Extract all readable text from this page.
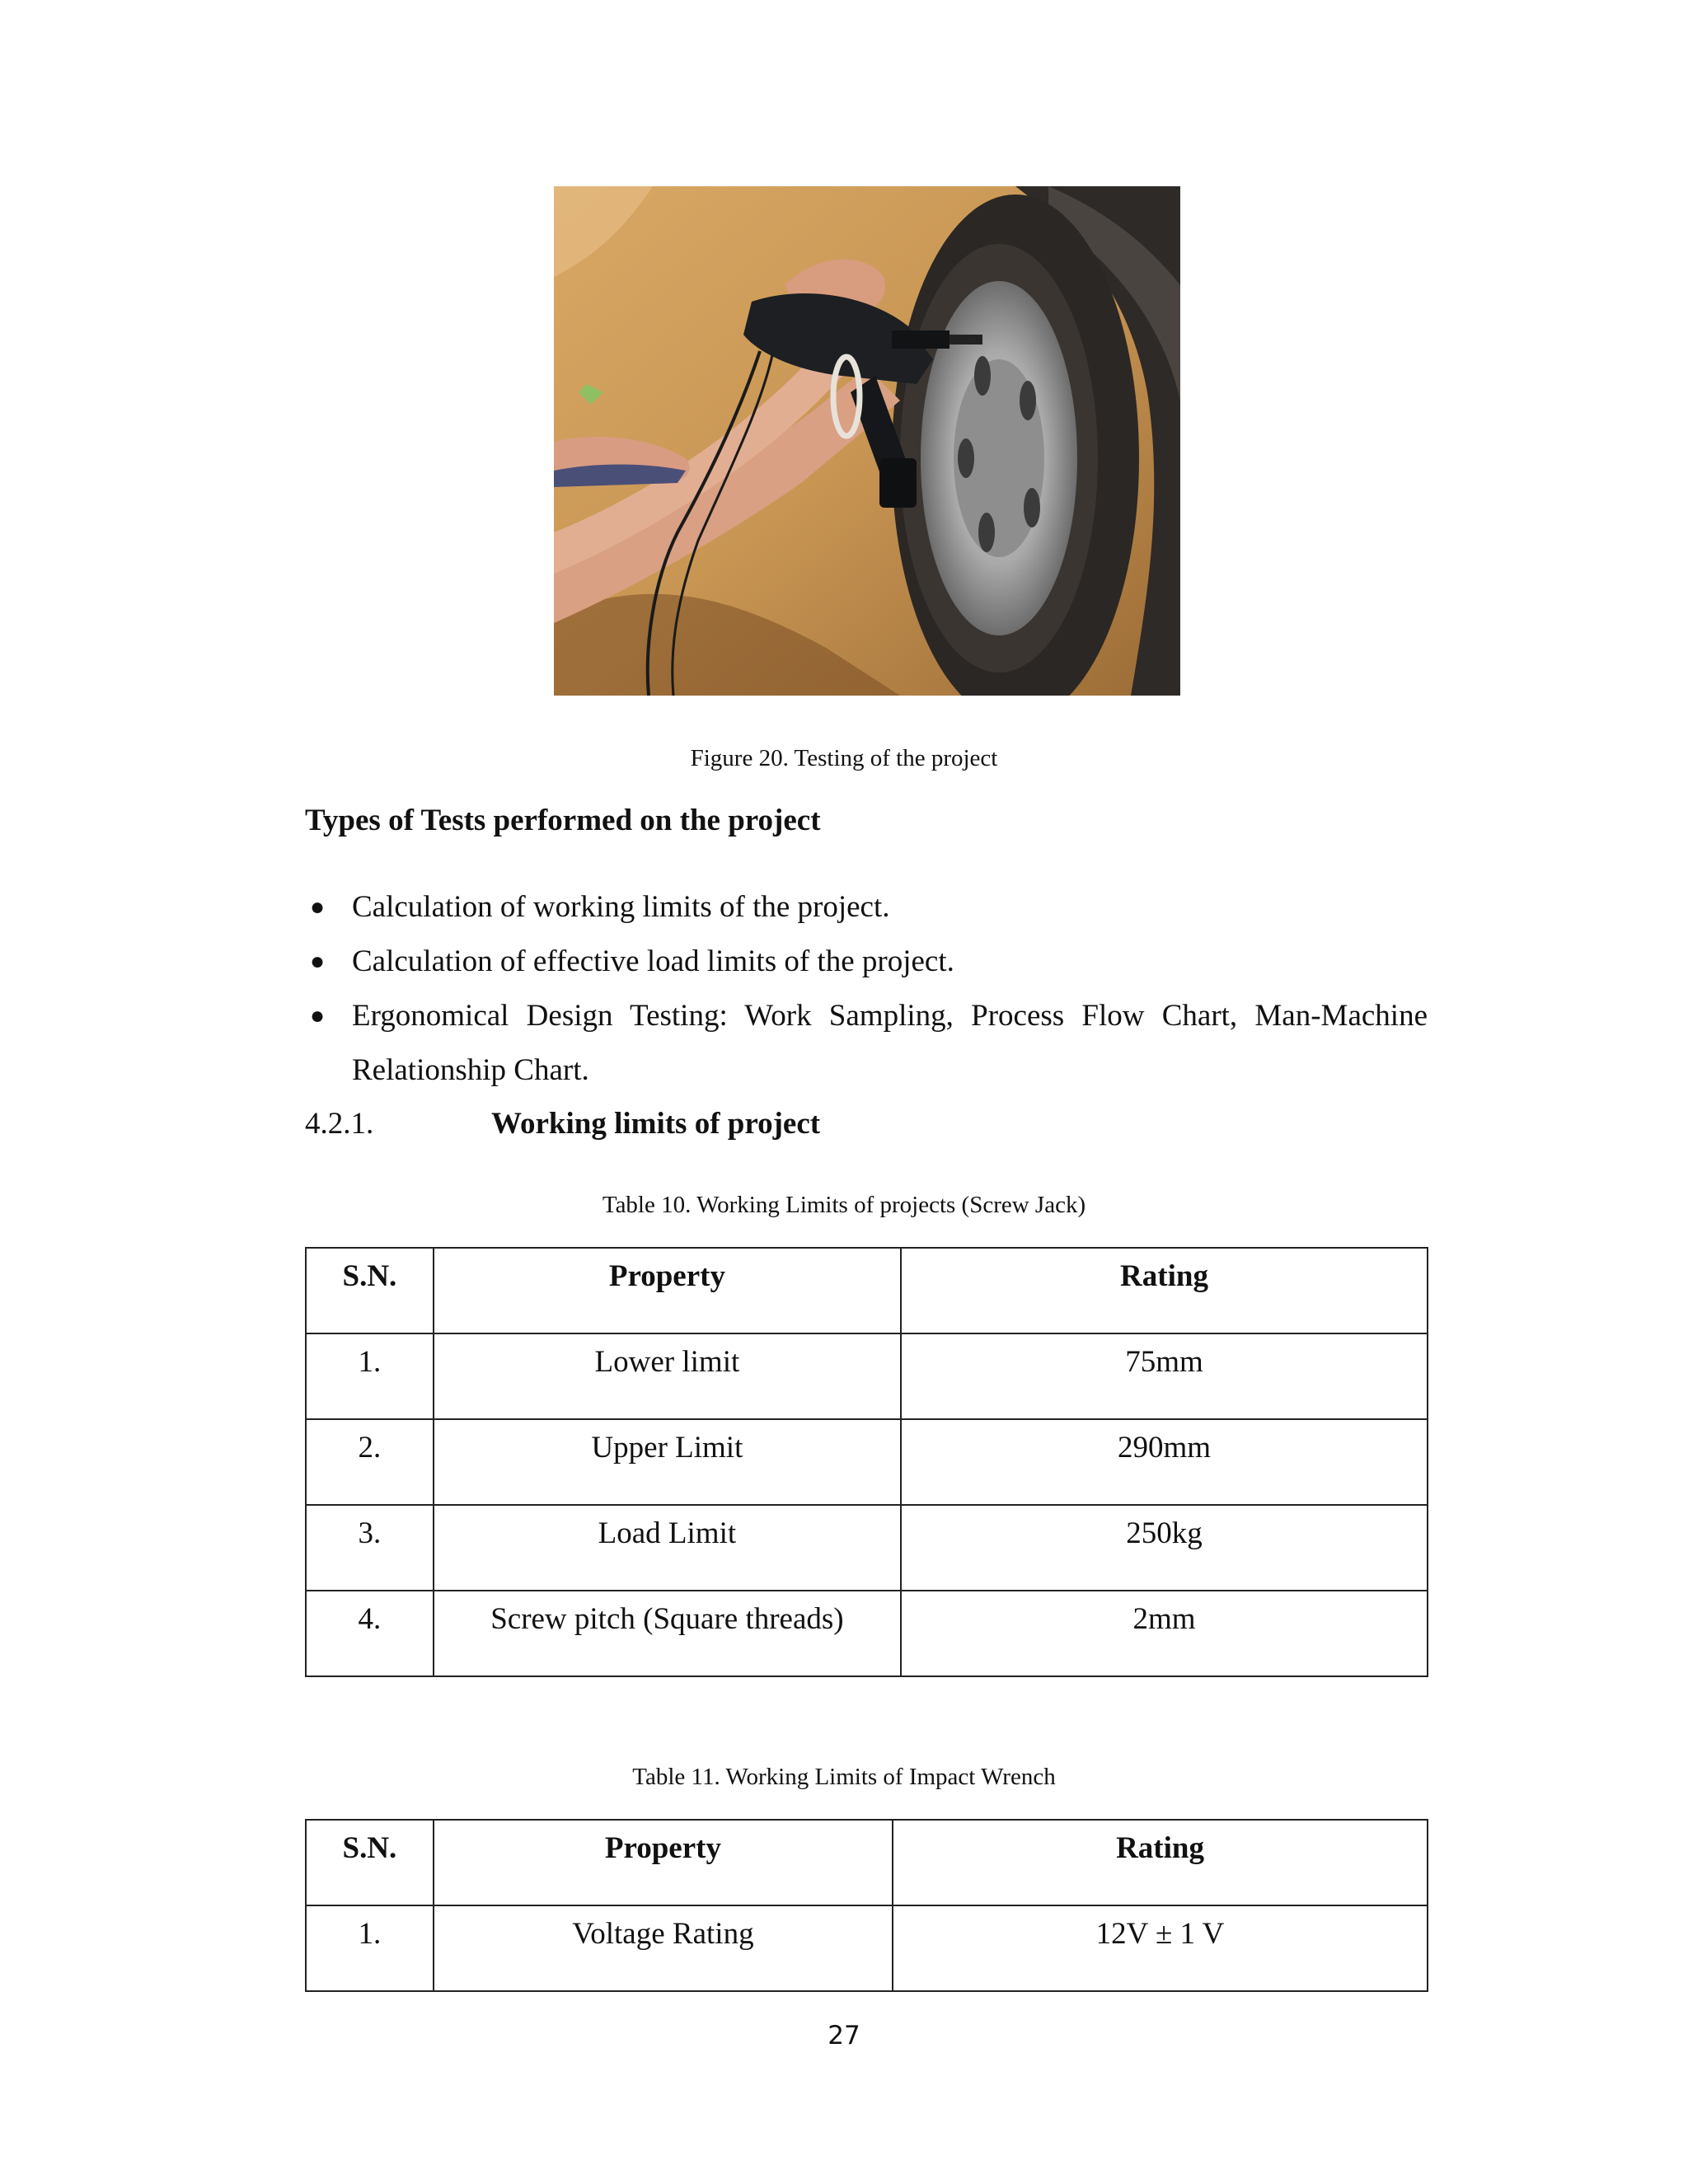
Figure 20. Testing of the project
Types of Tests performed on the project
● Calculation of working limits of the project.
● Calculation of effective load limits of the project.
● Ergonomical Design Testing: Work Sampling, Process Flow Chart, Man-Machine Relationship Chart.
4.2.1.	Working limits of project
Table 10. Working Limits of projects (Screw Jack)
S.N.	Property	Rating
1.	Lower limit	75mm
2.	Upper Limit	290mm
3.	Load Limit	250kg
4.	Screw pitch (Square threads)	2mm
Table 11. Working Limits of Impact Wrench
S.N.	Property	Rating
1.	Voltage Rating	12V ± 1 V
27
